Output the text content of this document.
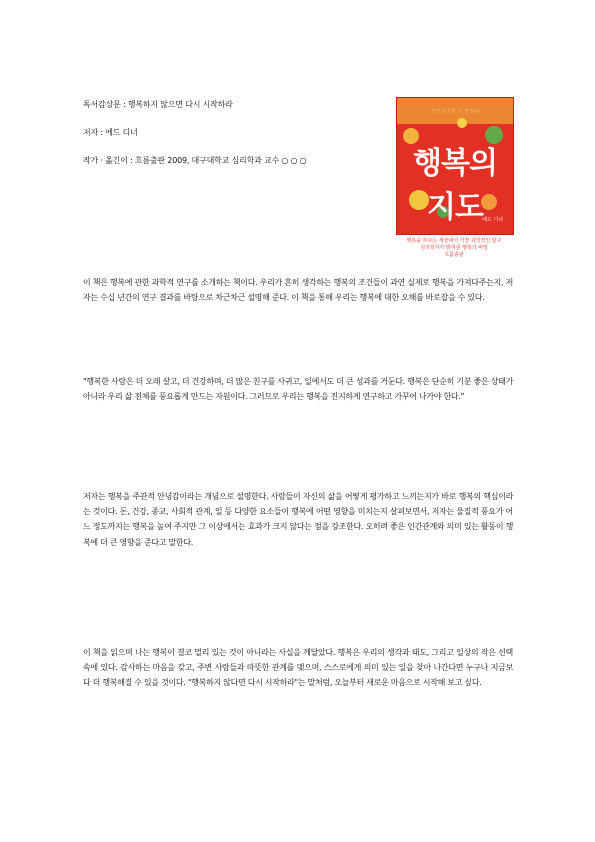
독서감상문 : 행복하지 않으면 다시 시작하라
저자 : 에드 디너
작가 · 옮긴이 : 흐름출판 2009, 대구대학교 심리학과 교수 ○ ○ ○
긍정심리학의 결정판
행복의 지도 에드 디너
행복을 부르는 세상에서 가장 과학적인 탐구
심리학자가 밝혀낸 행복의 비밀
흐름출판

이 책은 행복에 관한 과학적 연구를 소개하는 책이다. 우리가 흔히 생각하는 행복의 조건들이 과연 실제로 행복을 가져다주는지, 저자는 수십 년간의 연구 결과를 바탕으로 차근차근 설명해 준다. 이 책을 통해 우리는 행복에 대한 오해를 바로잡을 수 있다.

"행복한 사람은 더 오래 살고, 더 건강하며, 더 많은 친구를 사귀고, 일에서도 더 큰 성과를 거둔다. 행복은 단순히 기분 좋은 상태가 아니라 우리 삶 전체를 풍요롭게 만드는 자원이다. 그러므로 우리는 행복을 진지하게 연구하고 가꾸어 나가야 한다."

저자는 행복을 주관적 안녕감이라는 개념으로 설명한다. 사람들이 자신의 삶을 어떻게 평가하고 느끼는지가 바로 행복의 핵심이라는 것이다. 돈, 건강, 종교, 사회적 관계, 일 등 다양한 요소들이 행복에 어떤 영향을 미치는지 살펴보면서, 저자는 물질적 풍요가 어느 정도까지는 행복을 높여 주지만 그 이상에서는 효과가 크지 않다는 점을 강조한다. 오히려 좋은 인간관계와 의미 있는 활동이 행복에 더 큰 영향을 준다고 말한다.

이 책을 읽으며 나는 행복이 결코 멀리 있는 것이 아니라는 사실을 깨달았다. 행복은 우리의 생각과 태도, 그리고 일상의 작은 선택 속에 있다. 감사하는 마음을 갖고, 주변 사람들과 따뜻한 관계를 맺으며, 스스로에게 의미 있는 일을 찾아 나간다면 누구나 지금보다 더 행복해질 수 있을 것이다. "행복하지 않다면 다시 시작하라"는 말처럼, 오늘부터 새로운 마음으로 시작해 보고 싶다.
